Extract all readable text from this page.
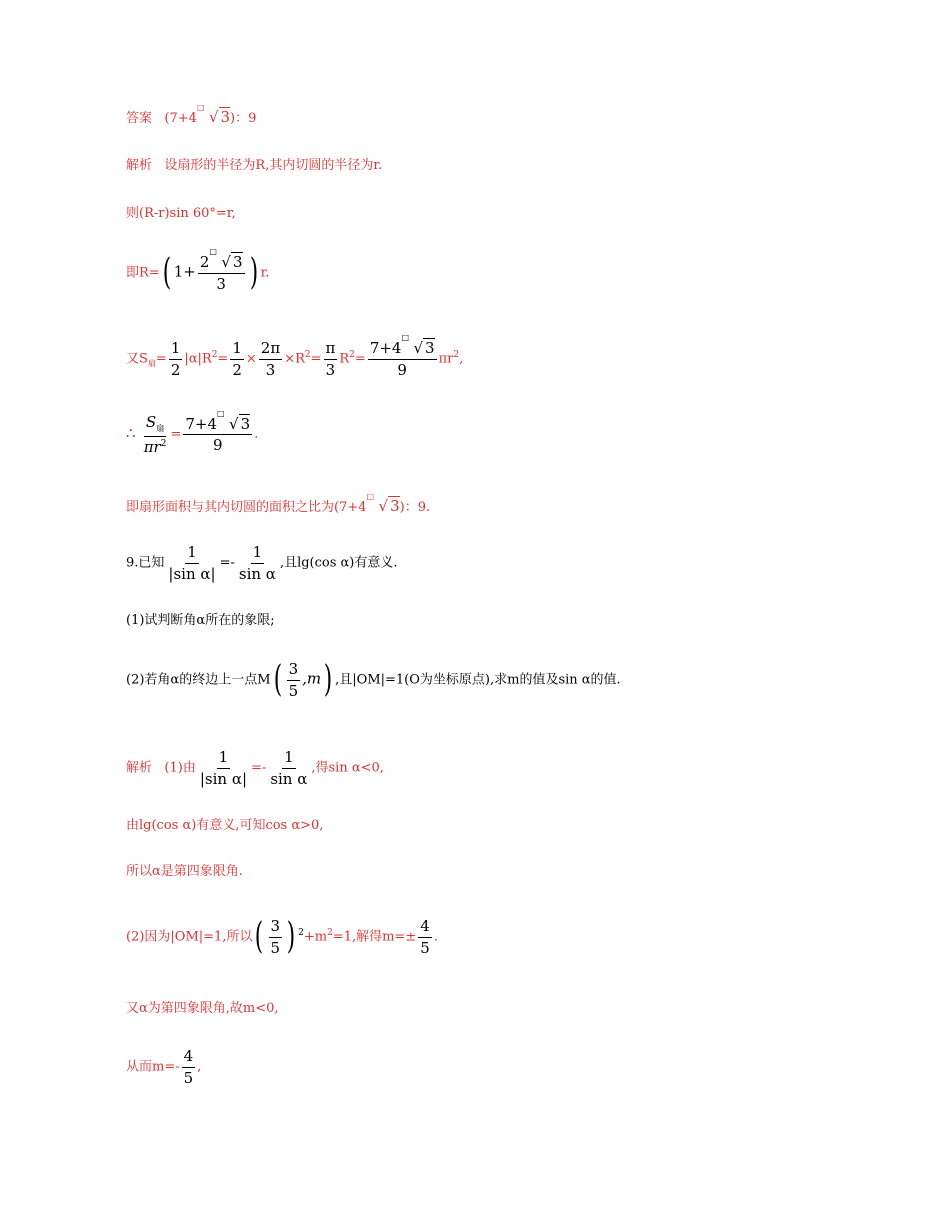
答案 (7+4
□
√ 3)：9
解析 设扇形的半径为R,其内切圆的半径为r.
则(R-r)sin 60°=r,
即R=( 1+ 2
□
√ 3
3 ) r.
又$S_扇= \frac{1}{2} |\alpha|R^2= \frac{1}{2} \times \frac{2\pi}{3} \times R^2= \frac{\pi}{3} R^2= 7+4$
□
√ 3
9 $\pi r^2$,
∴ $\frac{S_扇}{\pi r^2} = 7+4$
□
√ 3
9 .
即扇形面积与其内切圆的面积之比为(7+4
□
√ 3)：9.
9.已知 $\frac{1}{\text{|sin α|}} =- \frac{1}{\text{sin α}}$ ,且lg(cos α)有意义.
(1)试判断角α所在的象限;
(2)若角α的终边上一点$M( \frac{3}{5} ,m)$ ,且|OM|=1(O为坐标原点),求m的值及sin α的值.
解析 (1)由 $\frac{1}{\text{|sin α|}} =- \frac{1}{\text{sin α}}$ ,得sin α<0,
由lg(cos α)有意义,可知cos α>0,
所以α是第四象限角.
(2)因为|OM|=1,所以( $\frac{3}{5}$ ) $^2+m^2=1$,解得$m=\pm \frac{4}{5}$ .
又α为第四象限角,故m<0,
从而$m=- \frac{4}{5}$ ,
